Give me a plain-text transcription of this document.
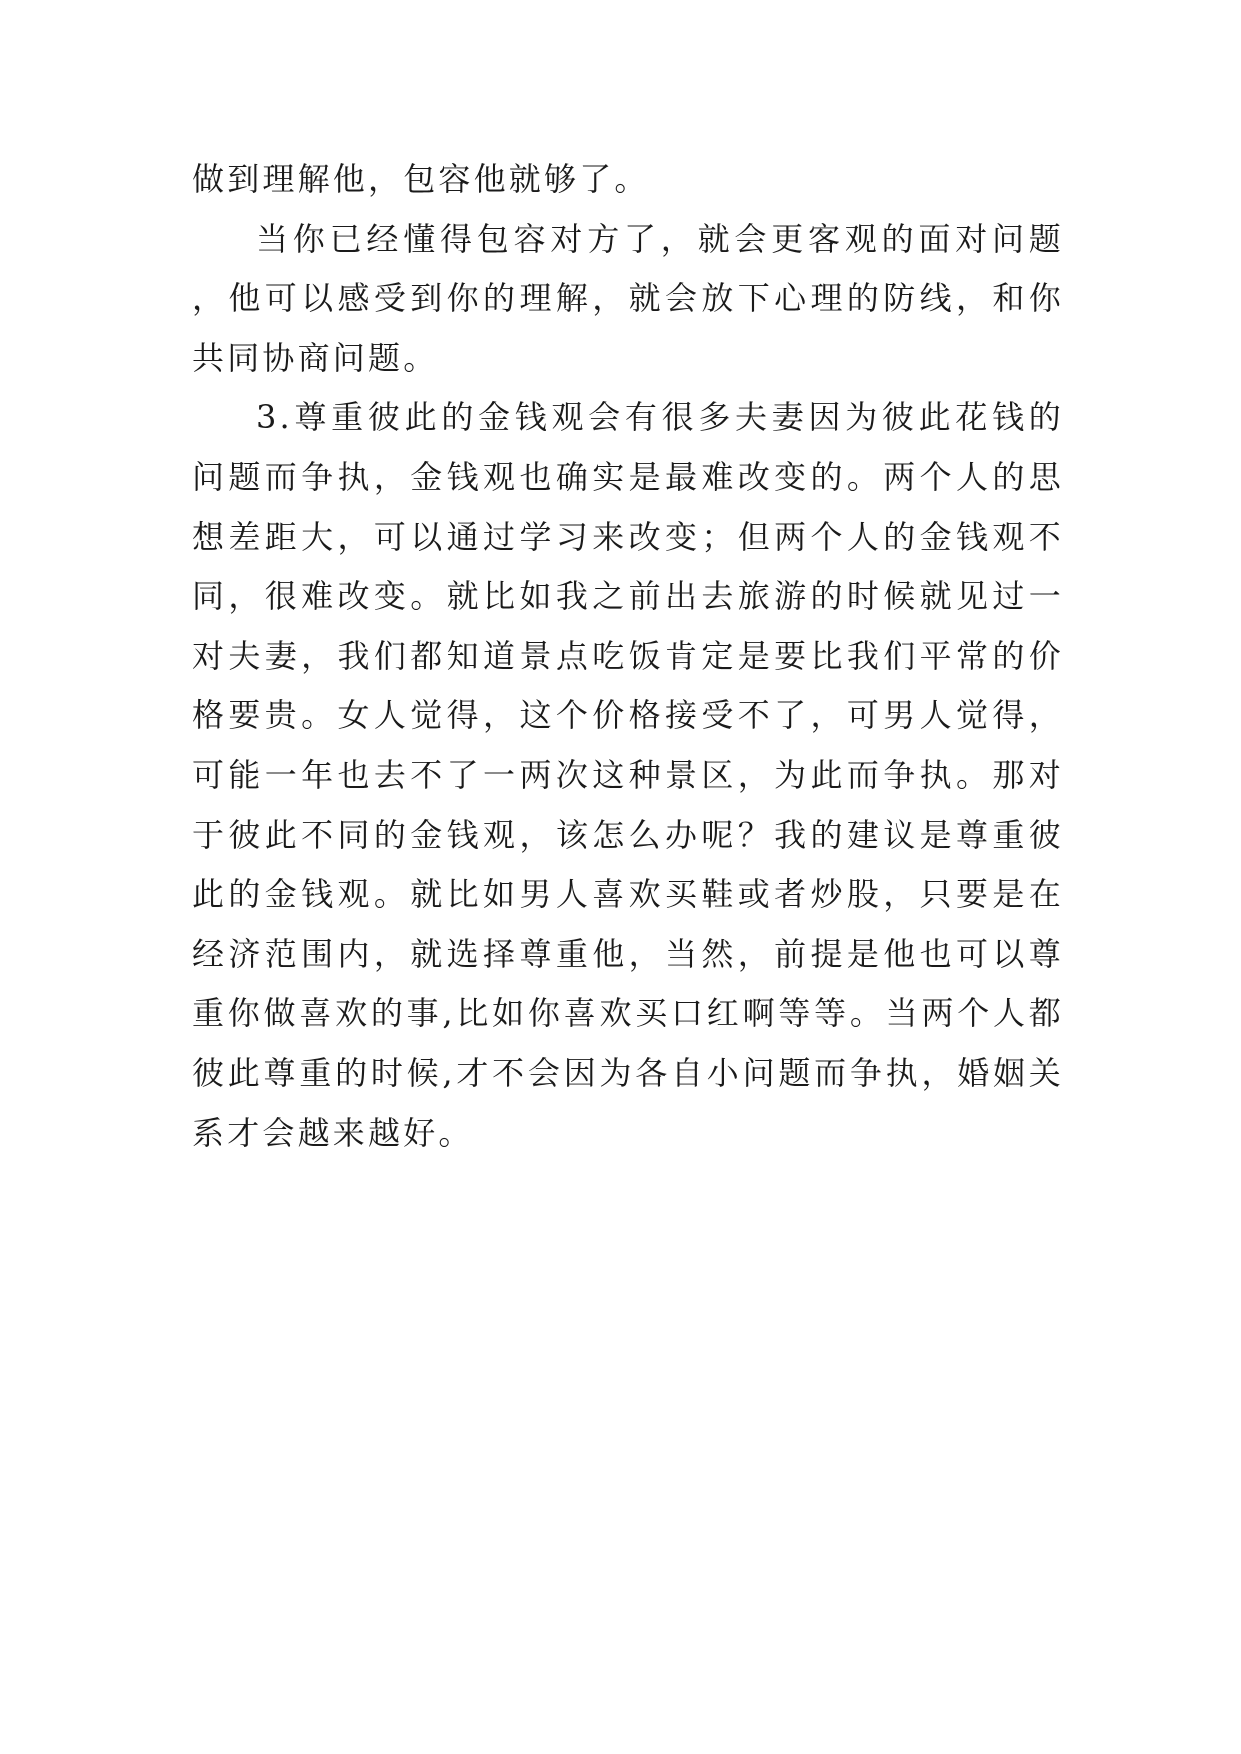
做到理解他，包容他就够了。

当你已经懂得包容对方了，就会更客观的面对问题，他可以感受到你的理解，就会放下心理的防线，和你共同协商问题。

3.尊重彼此的金钱观会有很多夫妻因为彼此花钱的问题而争执，金钱观也确实是最难改变的。两个人的思想差距大，可以通过学习来改变；但两个人的金钱观不同，很难改变。就比如我之前出去旅游的时候就见过一对夫妻，我们都知道景点吃饭肯定是要比我们平常的价格要贵。女人觉得，这个价格接受不了，可男人觉得，可能一年也去不了一两次这种景区，为此而争执。那对于彼此不同的金钱观，该怎么办呢？我的建议是尊重彼此的金钱观。就比如男人喜欢买鞋或者炒股，只要是在经济范围内，就选择尊重他，当然，前提是他也可以尊重你做喜欢的事,比如你喜欢买口红啊等等。当两个人都彼此尊重的时候,才不会因为各自小问题而争执，婚姻关系才会越来越好。
